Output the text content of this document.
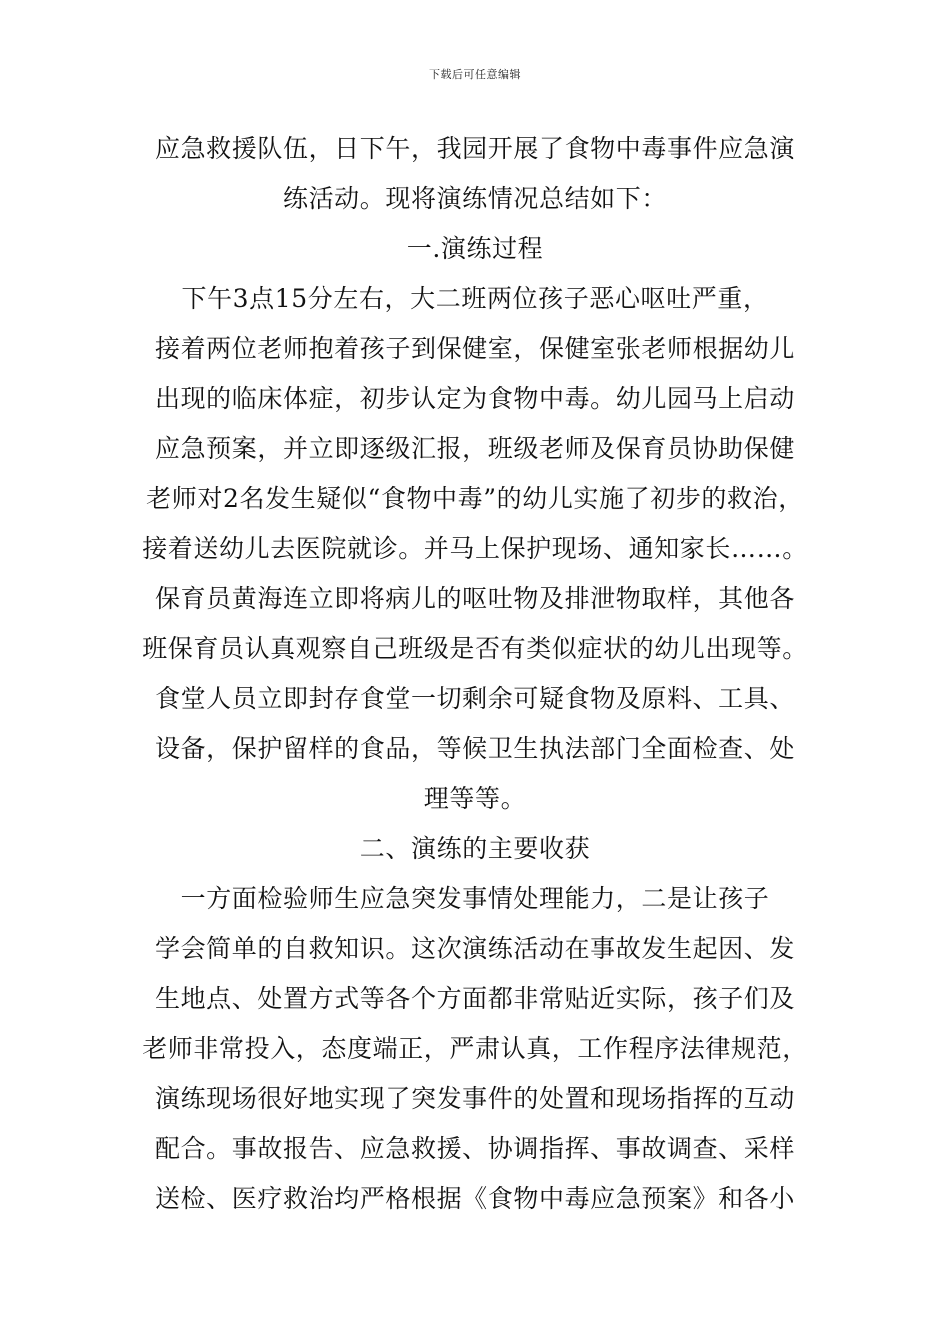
下载后可任意编辑
应急救援队伍，日下午，我园开展了食物中毒事件应急演
练活动。现将演练情况总结如下：
一.演练过程
下午3点15分左右，大二班两位孩子恶心呕吐严重，
接着两位老师抱着孩子到保健室，保健室张老师根据幼儿
出现的临床体症，初步认定为食物中毒。幼儿园马上启动
应急预案，并立即逐级汇报，班级老师及保育员协助保健
老师对2名发生疑似“食物中毒”的幼儿实施了初步的救治，
接着送幼儿去医院就诊。并马上保护现场、通知家长……。
保育员黄海连立即将病儿的呕吐物及排泄物取样，其他各
班保育员认真观察自己班级是否有类似症状的幼儿出现等。
食堂人员立即封存食堂一切剩余可疑食物及原料、工具、
设备，保护留样的食品，等候卫生执法部门全面检查、处
理等等。
二、演练的主要收获
一方面检验师生应急突发事情处理能力，二是让孩子
学会简单的自救知识。这次演练活动在事故发生起因、发
生地点、处置方式等各个方面都非常贴近实际，孩子们及
老师非常投入，态度端正，严肃认真，工作程序法律规范，
演练现场很好地实现了突发事件的处置和现场指挥的互动
配合。事故报告、应急救援、协调指挥、事故调查、采样
送检、医疗救治均严格根据《食物中毒应急预案》和各小
